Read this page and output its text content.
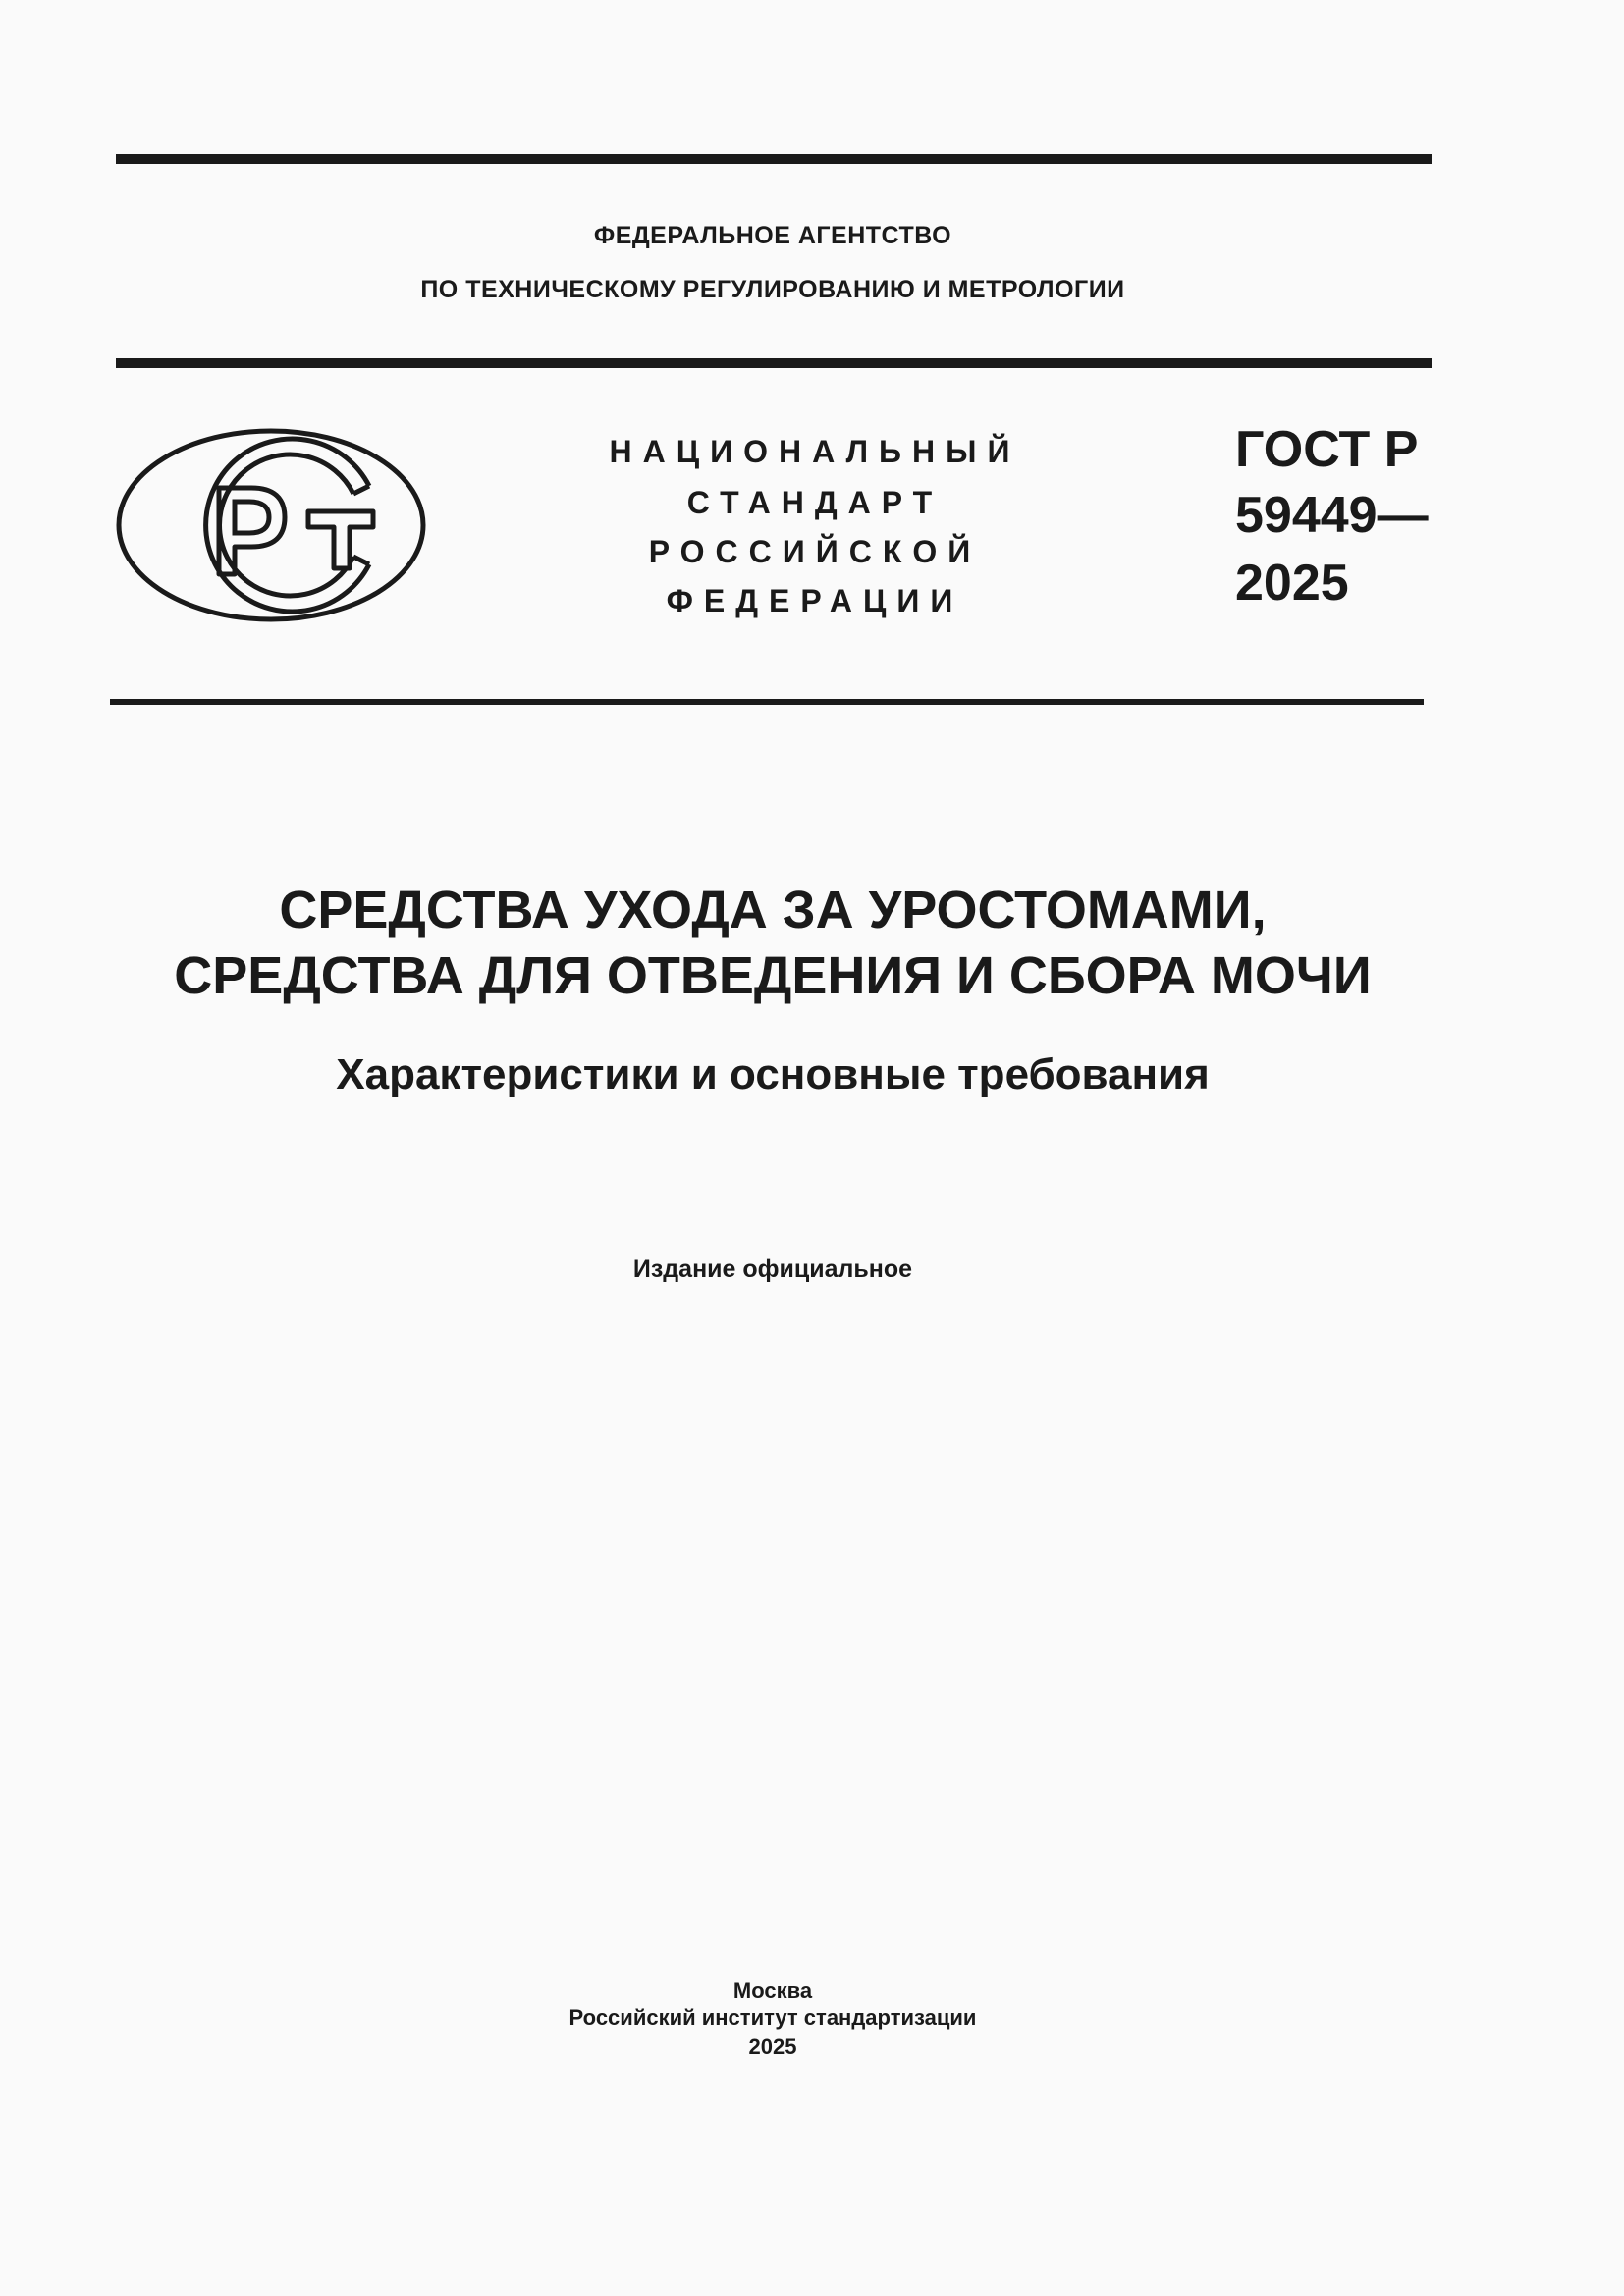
ФЕДЕРАЛЬНОЕ АГЕНТСТВО
ПО ТЕХНИЧЕСКОМУ РЕГУЛИРОВАНИЮ И МЕТРОЛОГИИ
НАЦИОНАЛЬНЫЙ
СТАНДАРТ
РОССИЙСКОЙ
ФЕДЕРАЦИИ
ГОСТ Р
59449—
2025
СРЕДСТВА УХОДА ЗА УРОСТОМАМИ,
СРЕДСТВА ДЛЯ ОТВЕДЕНИЯ И СБОРА МОЧИ
Характеристики и основные требования
Издание официальное
Москва
Российский институт стандартизации
2025
